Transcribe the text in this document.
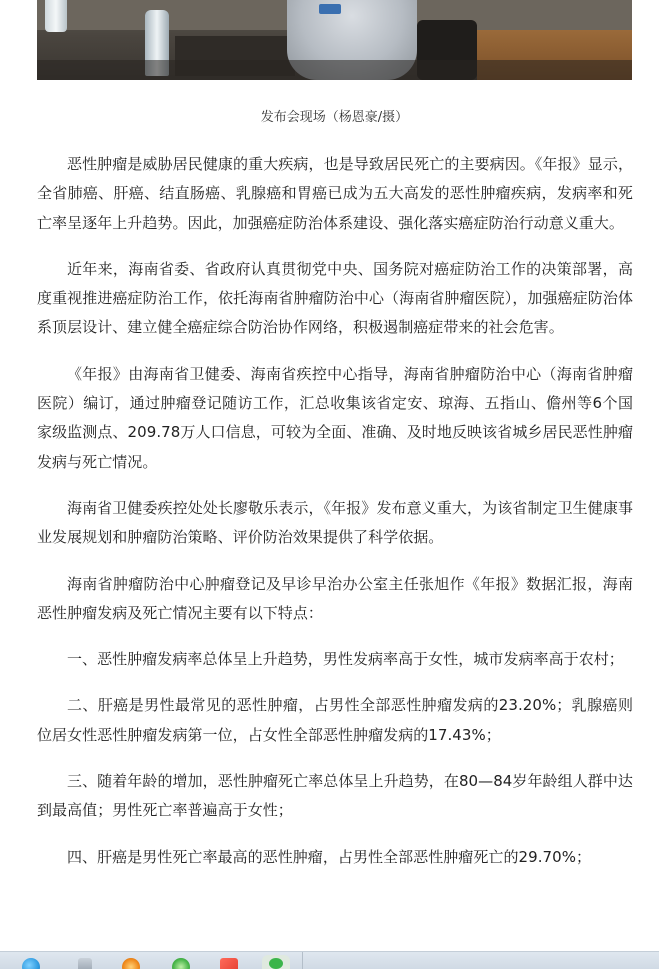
发布会现场（杨恩豪/摄）

恶性肿瘤是威胁居民健康的重大疾病，也是导致居民死亡的主要病因。《年报》显示，全省肺癌、肝癌、结直肠癌、乳腺癌和胃癌已成为五大高发的恶性肿瘤疾病，发病率和死亡率呈逐年上升趋势。因此，加强癌症防治体系建设、强化落实癌症防治行动意义重大。

近年来，海南省委、省政府认真贯彻党中央、国务院对癌症防治工作的决策部署，高度重视推进癌症防治工作，依托海南省肿瘤防治中心（海南省肿瘤医院），加强癌症防治体系顶层设计、建立健全癌症综合防治协作网络，积极遏制癌症带来的社会危害。

《年报》由海南省卫健委、海南省疾控中心指导，海南省肿瘤防治中心（海南省肿瘤医院）编订，通过肿瘤登记随访工作，汇总收集该省定安、琼海、五指山、儋州等6个国家级监测点、209.78万人口信息，可较为全面、准确、及时地反映该省城乡居民恶性肿瘤发病与死亡情况。

海南省卫健委疾控处处长廖敬乐表示，《年报》发布意义重大，为该省制定卫生健康事业发展规划和肿瘤防治策略、评价防治效果提供了科学依据。

海南省肿瘤防治中心肿瘤登记及早诊早治办公室主任张旭作《年报》数据汇报，海南恶性肿瘤发病及死亡情况主要有以下特点：

一、恶性肿瘤发病率总体呈上升趋势，男性发病率高于女性，城市发病率高于农村；

二、肝癌是男性最常见的恶性肿瘤，占男性全部恶性肿瘤发病的23.20%；乳腺癌则位居女性恶性肿瘤发病第一位，占女性全部恶性肿瘤发病的17.43%；

三、随着年龄的增加，恶性肿瘤死亡率总体呈上升趋势，在80—84岁年龄组人群中达到最高值；男性死亡率普遍高于女性；

四、肝癌是男性死亡率最高的恶性肿瘤，占男性全部恶性肿瘤死亡的29.70%；
